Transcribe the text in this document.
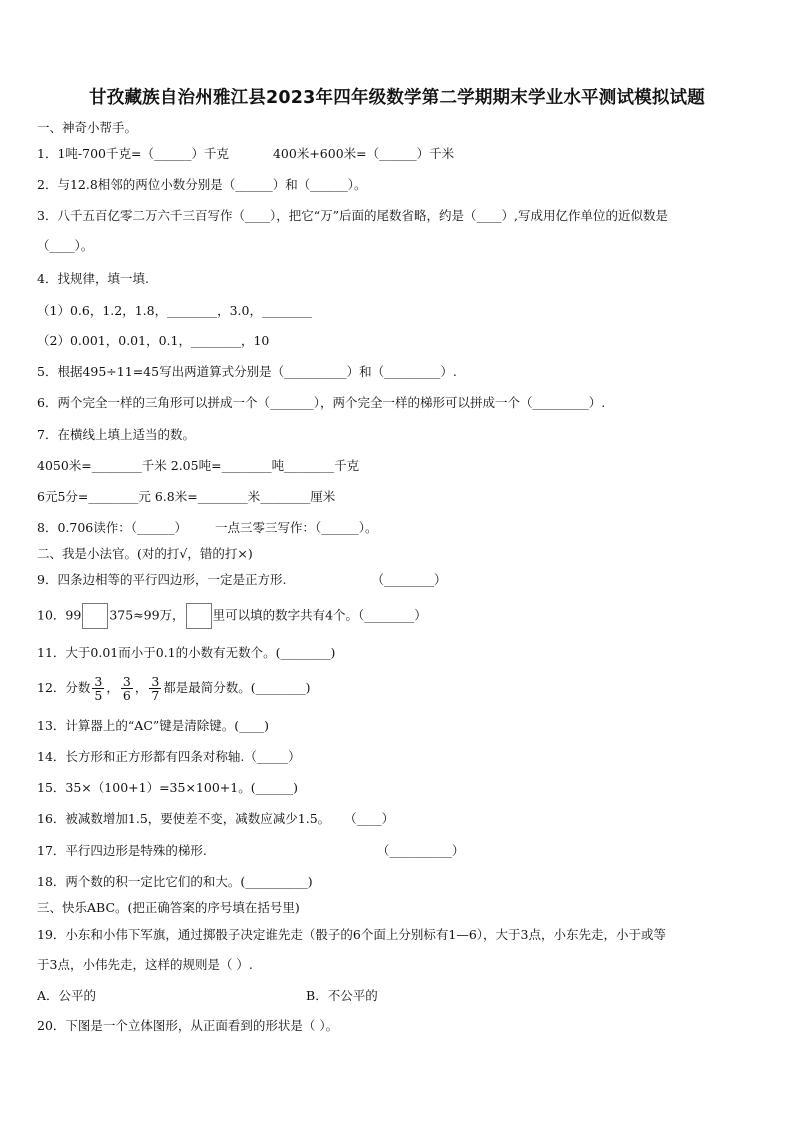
甘孜藏族自治州雅江县2023年四年级数学第二学期期末学业水平测试模拟试题
一、神奇小帮手。
1．1吨-700千克=（______）千克	400米+600米=（______）千米
2．与12.8相邻的两位小数分别是（______）和（______）。
3．八千五百亿零二万六千三百写作（____），把它“万”后面的尾数省略，约是（____）,写成用亿作单位的近似数是
（____）。
4．找规律，填一填.
（1）0.6，1.2，1.8，________，3.0，________
（2）0.001，0.01，0.1，________，10
5．根据495÷11=45写出两道算式分别是（__________）和（_________）.
6．两个完全一样的三角形可以拼成一个（_______），两个完全一样的梯形可以拼成一个（_________）.
7．在横线上填上适当的数。
4050米=________千米 2.05吨=________吨________千克
6元5分=________元 6.8米=________米________厘米
8．0.706读作：（______） 一点三零三写作：（______）。
二、我是小法官。(对的打√，错的打×)
9．四条边相等的平行四边形，一定是正方形.	（________）
10．99 375≈99万， 里可以填的数字共有4个。（________）
11．大于0.01而小于0.1的小数有无数个。(________)
12．分数 $\frac{3}{5}$ ， $\frac{3}{6}$ ， $\frac{3}{7}$ 都是最简分数。(________)
13．计算器上的“AC”键是清除键。(____)
14．长方形和正方形都有四条对称轴.（_____）
15．35×（100+1）=35×100+1。(______)
16．被减数增加1.5，要使差不变，减数应减少1.5。 （____）
17．平行四边形是特殊的梯形.	（__________）
18．两个数的积一定比它们的和大。(__________)
三、快乐ABC。(把正确答案的序号填在括号里)
19．小东和小伟下军旗，通过掷骰子决定谁先走（骰子的6个面上分别标有1—6），大于3点，小东先走，小于或等
于3点，小伟先走，这样的规则是（ ）.
A．公平的	B．不公平的
20．下图是一个立体图形，从正面看到的形状是（ ）。
